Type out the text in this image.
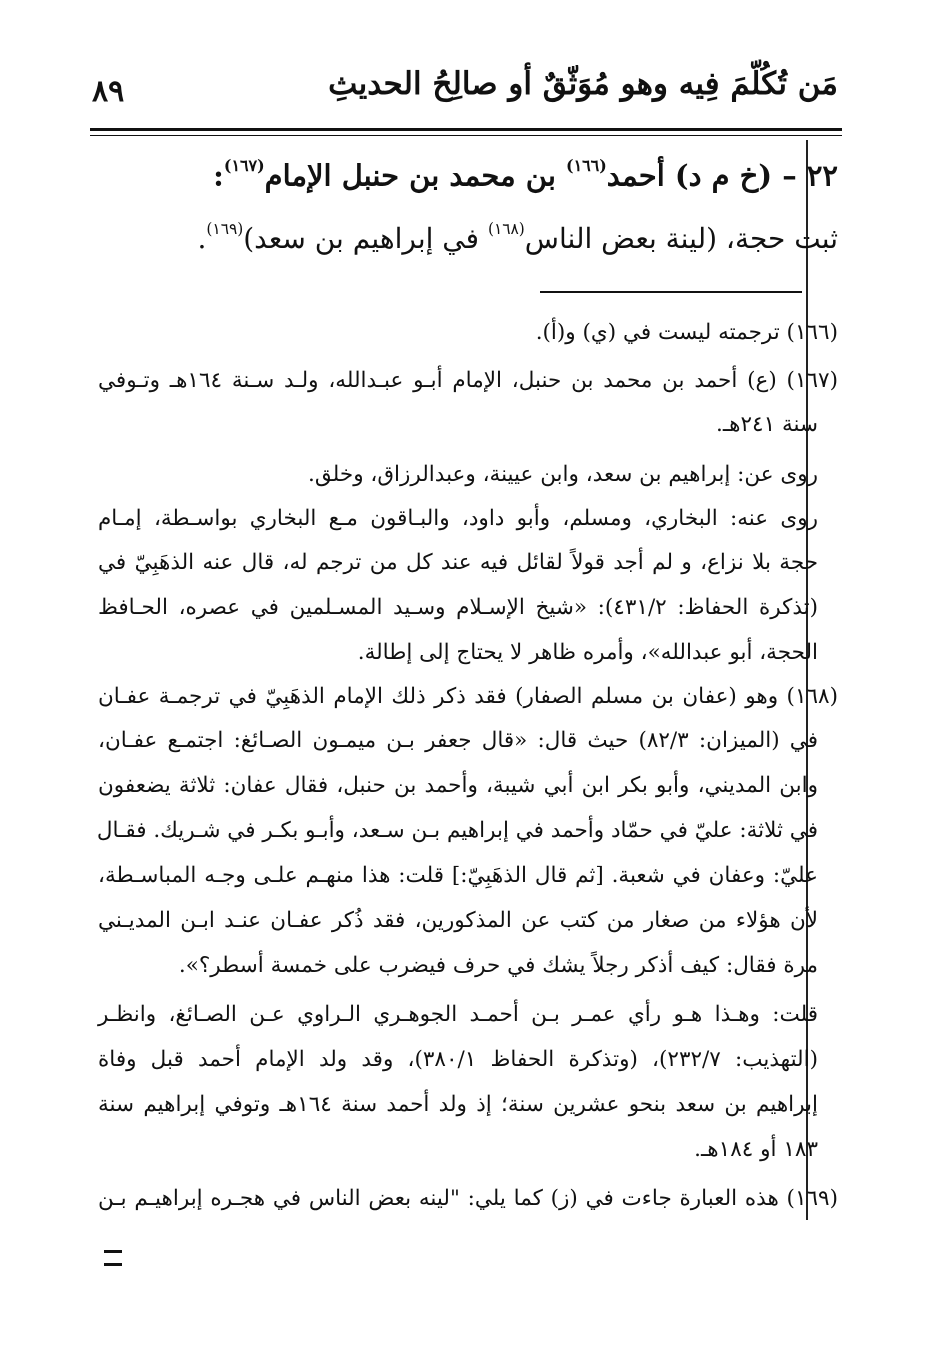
مَن تُكُلّمَ فِيه وهو مُوَثّقٌ أو صالِحُ الحديثِ
٨٩
٢٢ – (خ م د) أحمد$^{(١٦٦)}$ بن محمد بن حنبل الإمام$^{(١٦٧)}$:
ثبت حجة، (لينة بعض الناس$^{(١٦٨)}$ في إبراهيم بن سعد)$^{(١٦٩)}$.
(١٦٦) ترجمته ليست في (ي) و(أ).
(١٦٧) (ع) أحمد بن محمد بن حنبل، الإمام أبـو عبـدالله، ولـد سـنة ١٦٤هـ وتـوفي
سنة ٢٤١هـ.
روى عن: إبراهيم بن سعد، وابن عيينة، وعبدالرزاق، وخلق.
روى عنه: البخاري، ومسلم، وأبو داود، والبـاقون مـع البخاري بواسـطة، إمـام
حجة بلا نزاع، و لم أجد قولاً لقائل فيه عند كل من ترجم له، قال عنه الذهَبِيّ في
(تذكرة الحفاظ: ٤٣١/٢): «شيخ الإسـلام وسـيد المسـلمين في عصره، الحـافظ
الحجة، أبو عبدالله»، وأمره ظاهر لا يحتاج إلى إطالة.
(١٦٨) وهو (عفان بن مسلم الصفار) فقد ذكر ذلك الإمام الذهَبِيّ في ترجمـة عفـان
في (الميزان: ٨٢/٣) حيث قال: «قال جعفر بـن ميمـون الصـائغ: اجتمـع عفـان،
وابن المديني، وأبو بكر ابن أبي شيبة، وأحمد بن حنبل، فقال عفان: ثلاثة يضعفون
في ثلاثة: عليّ في حمّاد وأحمد في إبراهيم بـن سـعد، وأبـو بكـر في شـريك. فقـال
عليّ: وعفان في شعبة. [ثم قال الذهَبِيّ:] قلت: هذا منهـم علـى وجـه المباسـطة،
لأن هؤلاء من صغار من كتب عن المذكورين، فقد ذُكر عفـان عنـد ابـن المديـني
مرة فقال: كيف أذكر رجلاً يشك في حرف فيضرب على خمسة أسطر؟».
قلت: وهـذا هـو رأي عمـر بـن أحمـد الجوهـري الـراوي عـن الصـائغ، وانظـر
(التهذيب: ٢٣٢/٧)، (وتذكرة الحفاظ ٣٨٠/١)، وقد ولد الإمام أحمد قبل وفاة
إبراهيم بن سعد بنحو عشرين سنة؛ إذ ولد أحمد سنة ١٦٤هـ وتوفي إبراهيم سنة
١٨٣ أو ١٨٤هـ.
(١٦٩) هذه العبارة جاءت في (ز) كما يلي: "لينه بعض الناس في هجـره إبراهيـم بـن
